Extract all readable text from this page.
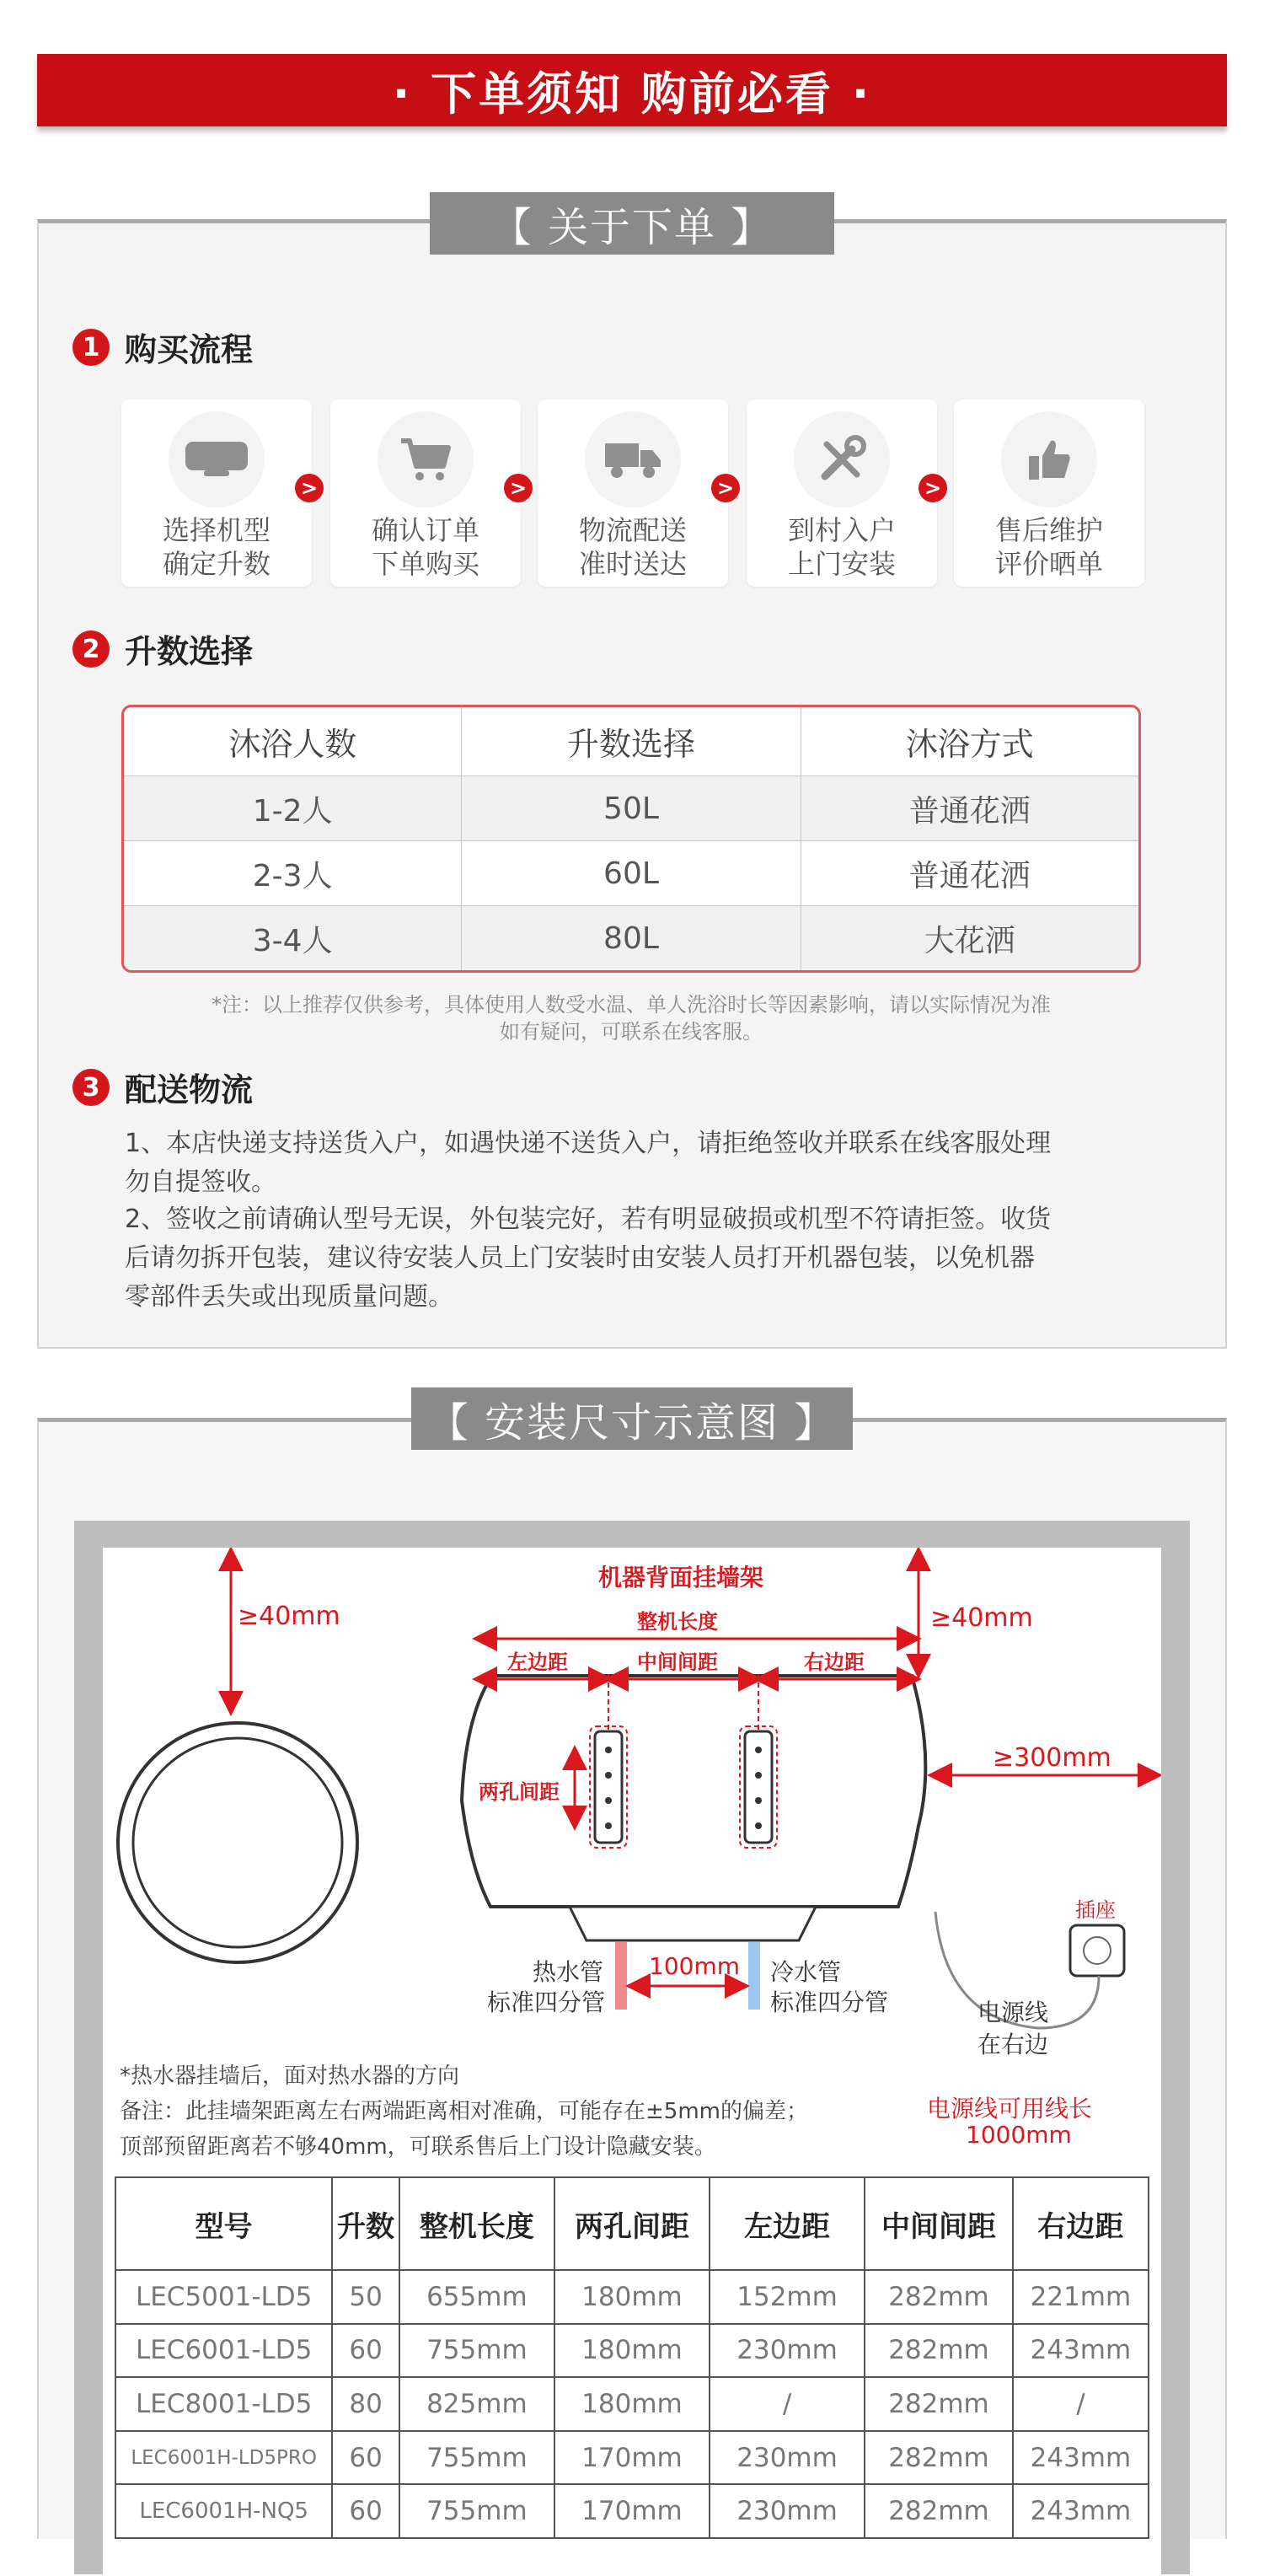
· 下单须知 购前必看 ·
【 关于下单 】
1 购买流程
选择机型
确定升数
>
确认订单
下单购买
>
物流配送
准时送达
>
到村入户
上门安装
>
售后维护
评价晒单
2 升数选择
沐浴人数	升数选择	沐浴方式
1-2人	50L	普通花洒
2-3人	60L	普通花洒
3-4人	80L	大花洒
*注：以上推荐仅供参考，具体使用人数受水温、单人洗浴时长等因素影响，请以实际情况为准
如有疑问，可联系在线客服。
3 配送物流
1、本店快递支持送货入户，如遇快递不送货入户，请拒绝签收并联系在线客服处理
勿自提签收。
2、签收之前请确认型号无误，外包装完好，若有明显破损或机型不符请拒签。收货
后请勿拆开包装，建议待安装人员上门安装时由安装人员打开机器包装，以免机器
零部件丢失或出现质量问题。
【 安装尺寸示意图 】
机器背面挂墙架
≥40mm	≥40mm
整机长度
左边距	中间间距	右边距
两孔间距
≥300mm
热水管
标准四分管
100mm 冷水管
标准四分管
插座
电源线
在右边
电源线可用线长
1000mm
*热水器挂墙后，面对热水器的方向
备注：此挂墙架距离左右两端距离相对准确，可能存在±5mm的偏差；
顶部预留距离若不够40mm，可联系售后上门设计隐藏安装。
型号	升数	整机长度	两孔间距	左边距	中间间距	右边距
LEC5001-LD5	50	655mm	180mm	152mm	282mm	221mm
LEC6001-LD5	60	755mm	180mm	230mm	282mm	243mm
LEC8001-LD5	80	825mm	180mm	/	282mm	/
LEC6001H-LD5PRO	60	755mm	170mm	230mm	282mm	243mm
LEC6001H-NQ5	60	755mm	170mm	230mm	282mm	243mm
